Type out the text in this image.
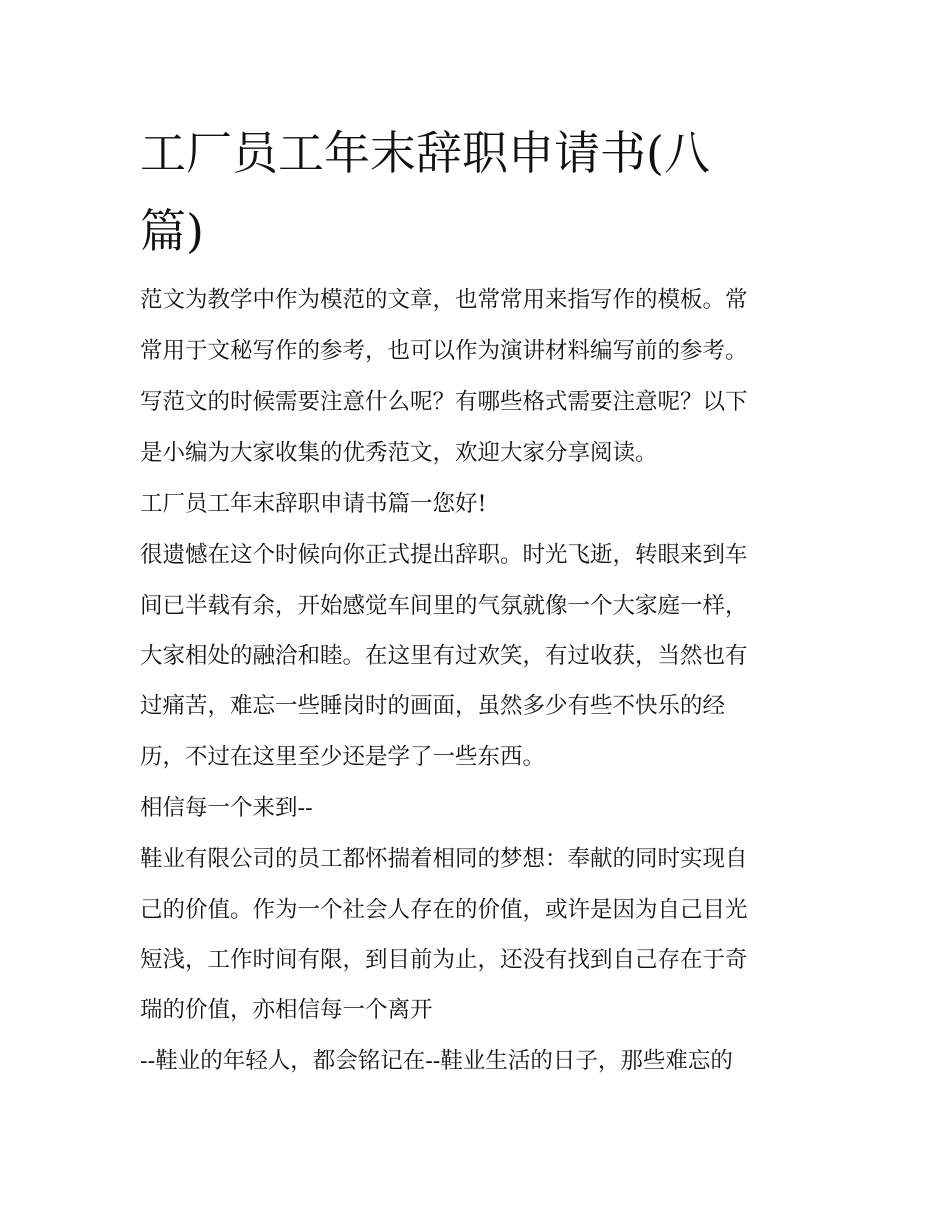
工厂员工年末辞职申请书(八
篇)
范文为教学中作为模范的文章，也常常用来指写作的模板。常
常用于文秘写作的参考，也可以作为演讲材料编写前的参考。
写范文的时候需要注意什么呢？有哪些格式需要注意呢？以下
是小编为大家收集的优秀范文，欢迎大家分享阅读。
工厂员工年末辞职申请书篇一您好!
很遗憾在这个时候向你正式提出辞职。时光飞逝，转眼来到车
间已半载有余，开始感觉车间里的气氛就像一个大家庭一样，
大家相处的融洽和睦。在这里有过欢笑，有过收获，当然也有
过痛苦，难忘一些睡岗时的画面，虽然多少有些不快乐的经
历，不过在这里至少还是学了一些东西。
相信每一个来到--
鞋业有限公司的员工都怀揣着相同的梦想：奉献的同时实现自
己的价值。作为一个社会人存在的价值，或许是因为自己目光
短浅，工作时间有限，到目前为止，还没有找到自己存在于奇
瑞的价值，亦相信每一个离开
--鞋业的年轻人，都会铭记在--鞋业生活的日子，那些难忘的
